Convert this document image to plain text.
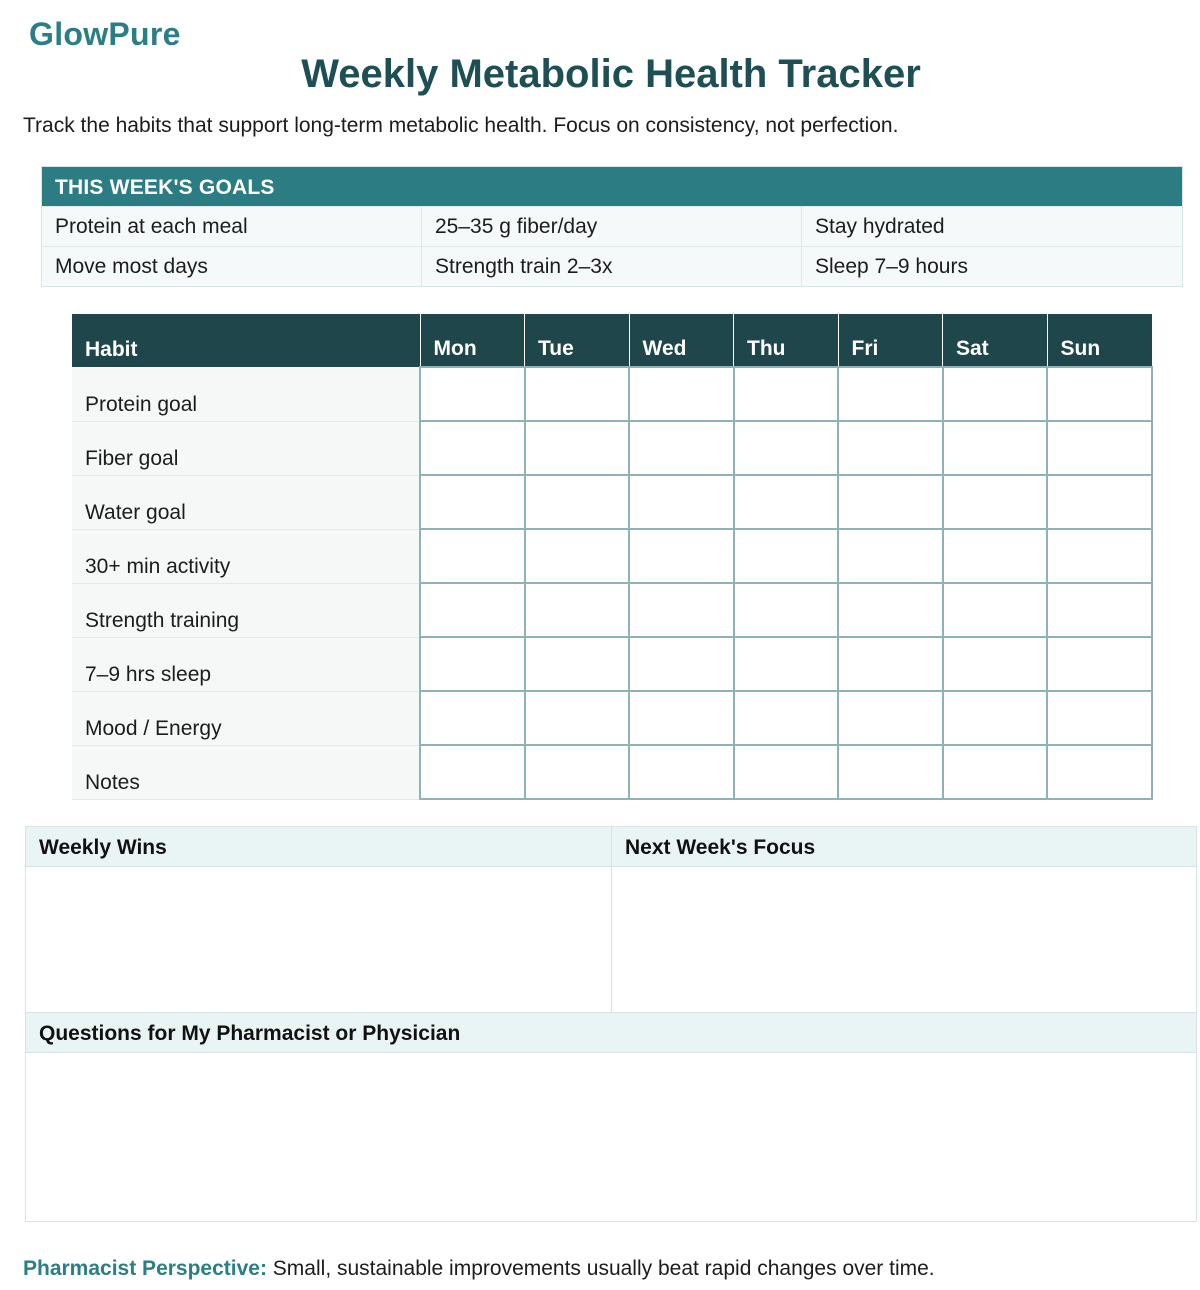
GlowPure
Weekly Metabolic Health Tracker
Track the habits that support long-term metabolic health. Focus on consistency, not perfection.
THIS WEEK'S GOALS
Protein at each meal	25–35 g fiber/day	Stay hydrated
Move most days	Strength train 2–3x	Sleep 7–9 hours
Habit	Mon	Tue	Wed	Thu	Fri	Sat	Sun
Protein goal							
Fiber goal							
Water goal							
30+ min activity							
Strength training							
7–9 hrs sleep							
Mood / Energy							
Notes							
Weekly Wins	Next Week's Focus
Questions for My Pharmacist or Physician
Pharmacist Perspective: Small, sustainable improvements usually beat rapid changes over time.
